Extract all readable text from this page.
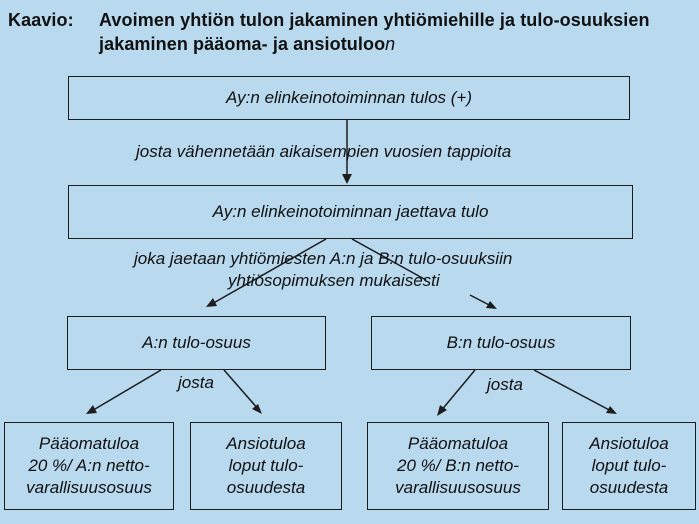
Kaavio:	Avoimen yhtiön tulon jakaminen yhtiömiehille ja tulo-osuuksien
jakaminen pääoma- ja ansiotuloon
Ay:n elinkeinotoiminnan tulos (+)
josta vähennetään aikaisempien vuosien tappioita
Ay:n elinkeinotoiminnan jaettava tulo
joka jaetaan yhtiömiesten A:n ja B:n tulo-osuuksiin
yhtiösopimuksen mukaisesti
A:n tulo-osuus	B:n tulo-osuus
josta	josta
Pääomatuloa
20 %/ A:n netto-
varallisuusosuus
Ansiotuloa
loput tulo-
osuudesta
Pääomatuloa
20 %/ B:n netto-
varallisuusosuus
Ansiotuloa
loput tulo-
osuudesta
